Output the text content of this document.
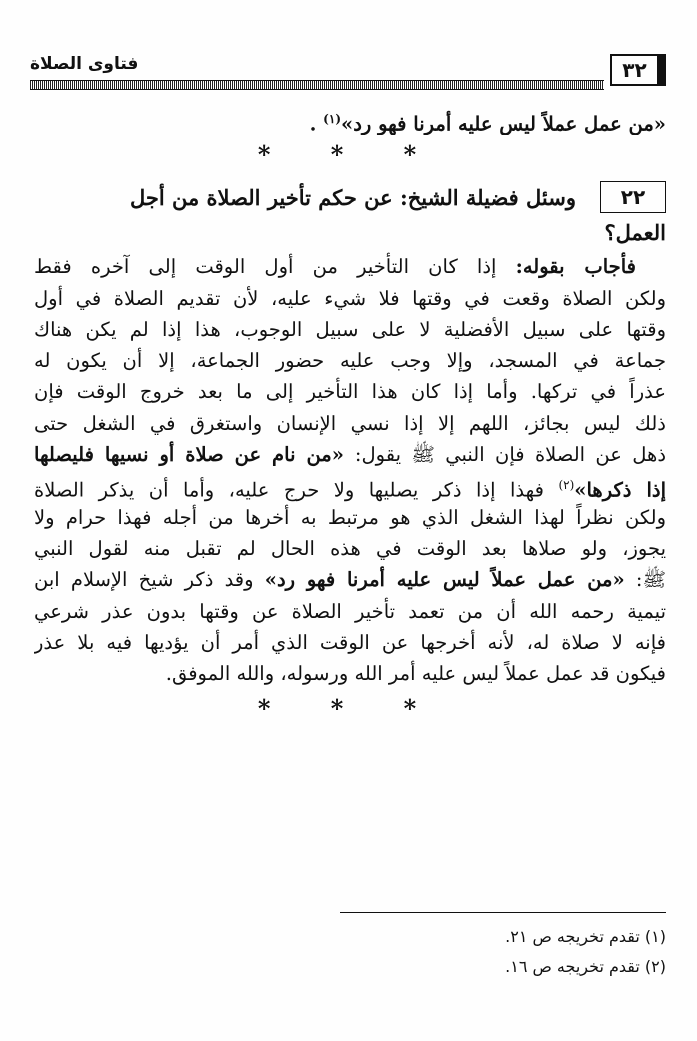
فتاوى الصلاة	٣٢
«من عمل عملاً ليس عليه أمرنا فهو رد»$^{(١)}$ .
* * *
٢٢
وسئل فضيلة الشيخ: عن حكم تأخير الصلاة من أجل
العمل؟
فأجاب بقوله: إذا كان التأخير من أول الوقت إلى آخره فقط
ولكن الصلاة وقعت في وقتها فلا شيء عليه، لأن تقديم الصلاة في أول
وقتها على سبيل الأفضلية لا على سبيل الوجوب، هذا إذا لم يكن هناك
جماعة في المسجد، وإلا وجب عليه حضور الجماعة، إلا أن يكون له
عذراً في تركها. وأما إذا كان هذا التأخير إلى ما بعد خروج الوقت فإن
ذلك ليس بجائز، اللهم إلا إذا نسي الإنسان واستغرق في الشغل حتى
ذهل عن الصلاة فإن النبي ﷺ يقول: «من نام عن صلاة أو نسيها فليصلها
إذا ذكرها»$^{(٢)}$ فهذا إذا ذكر يصليها ولا حرج عليه، وأما أن يذكر الصلاة
ولكن نظراً لهذا الشغل الذي هو مرتبط به أخرها من أجله فهذا حرام ولا
يجوز، ولو صلاها بعد الوقت في هذه الحال لم تقبل منه لقول النبي
ﷺ: «من عمل عملاً ليس عليه أمرنا فهو رد» وقد ذكر شيخ الإسلام ابن
تيمية رحمه الله أن من تعمد تأخير الصلاة عن وقتها بدون عذر شرعي
فإنه لا صلاة له، لأنه أخرجها عن الوقت الذي أمر أن يؤديها فيه بلا عذر
فيكون قد عمل عملاً ليس عليه أمر الله ورسوله، والله الموفق.
* * *
(١) تقدم تخريجه ص ٢١.
(٢) تقدم تخريجه ص ١٦.
